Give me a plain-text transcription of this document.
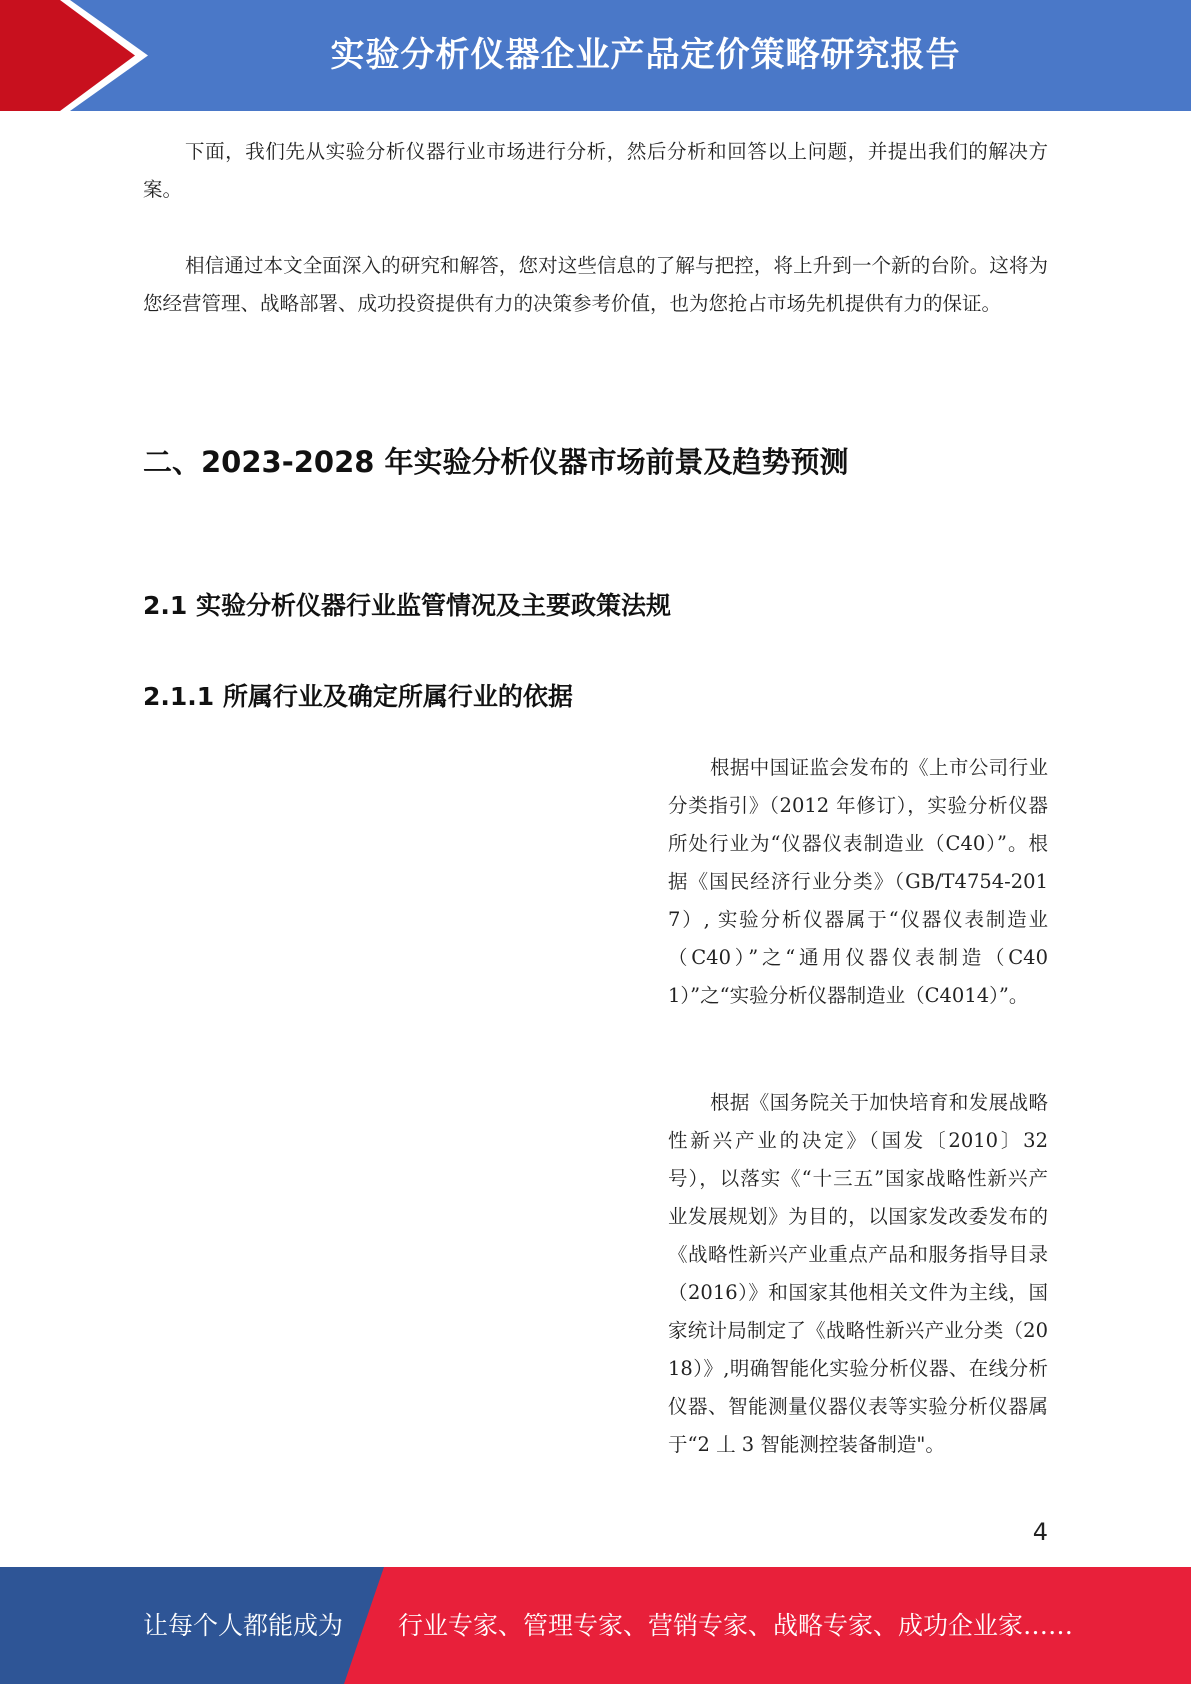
实验分析仪器企业产品定价策略研究报告

下面，我们先从实验分析仪器行业市场进行分析，然后分析和回答以上问题，并提出我们的解决方案。

相信通过本文全面深入的研究和解答，您对这些信息的了解与把控，将上升到一个新的台阶。这将为您经营管理、战略部署、成功投资提供有力的决策参考价值，也为您抢占市场先机提供有力的保证。

二、2023-2028 年实验分析仪器市场前景及趋势预测
2.1 实验分析仪器行业监管情况及主要政策法规
2.1.1 所属行业及确定所属行业的依据

根据中国证监会发布的《上市公司行业分类指引》（2012 年修订），实验分析仪器所处行业为“仪器仪表制造业（C40）”。根据《国民经济行业分类》（GB/T4754-2017）, 实验分析仪器属于“仪器仪表制造业（C40）”之“通用仪器仪表制造（C401）”之“实验分析仪器制造业（C4014）”。

根据《国务院关于加快培育和发展战略性新兴产业的决定》（国发〔2010〕32 号），以落实《“十三五”国家战略性新兴产业发展规划》为目的，以国家发改委发布的《战略性新兴产业重点产品和服务指导目录（2016）》和国家其他相关文件为主线，国家统计局制定了《战略性新兴产业分类（2018）》,明确智能化实验分析仪器、在线分析仪器、智能测量仪器仪表等实验分析仪器属于“2 丄 3 智能测控装备制造"。

4
让每个人都能成为 行业专家、管理专家、营销专家、战略专家、成功企业家……
